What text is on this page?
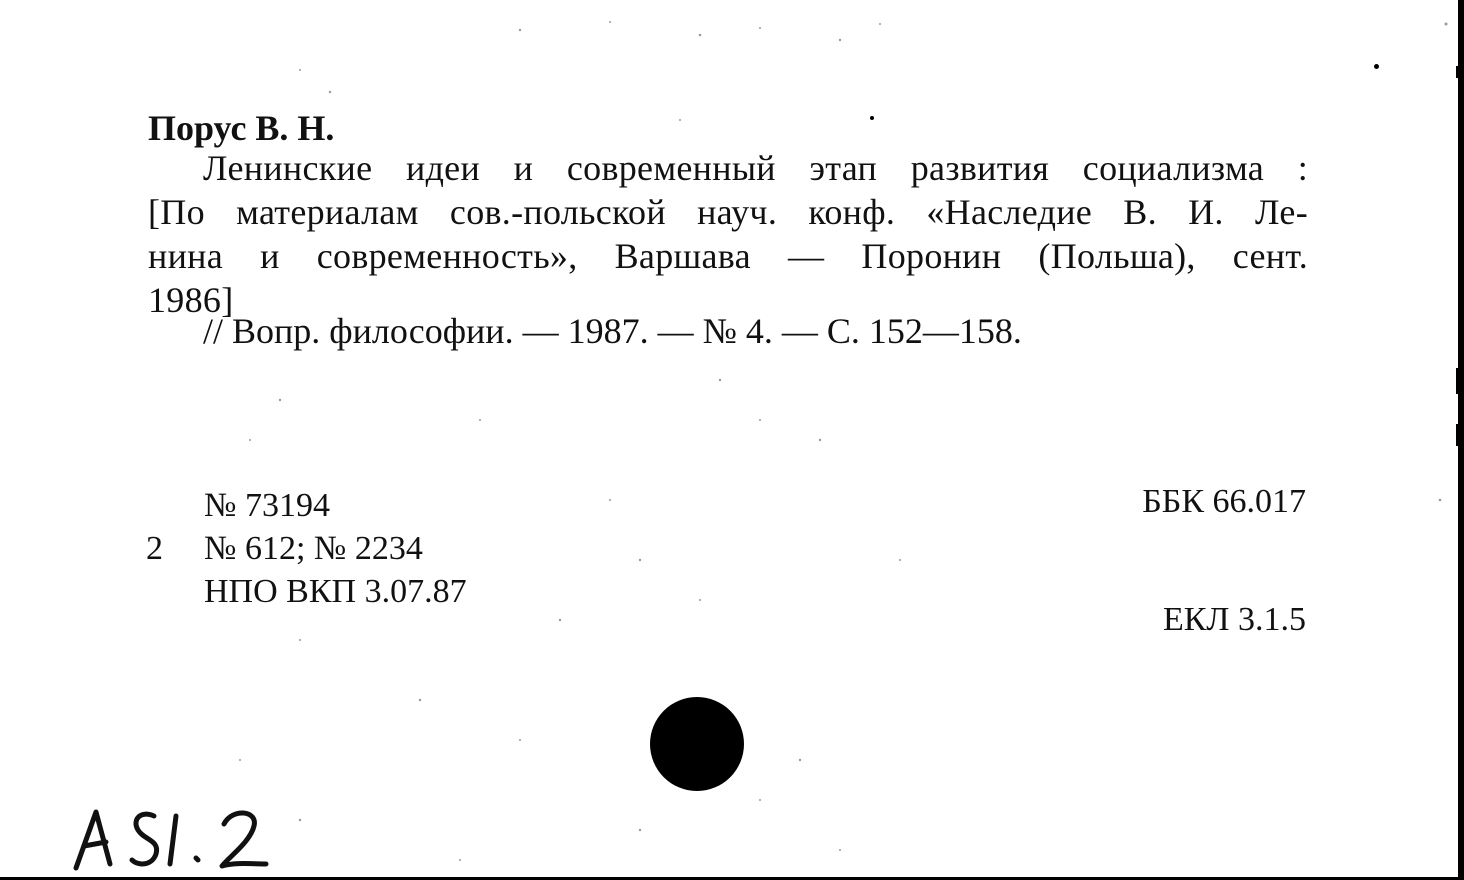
Порус В. Н.
Ленинские идеи и современный этап развития социализма :
[По материалам сов.-польской науч. конф. «Наследие В. И. Ле-
нина и современность», Варшава — Поронин (Польша), сент.
1986]
// Вопр. философии. — 1987. — № 4. — С. 152—158.
№ 73194
2	№ 612; № 2234
НПО ВКП 3.07.87
ББК 66.017
ЕКЛ 3.1.5
